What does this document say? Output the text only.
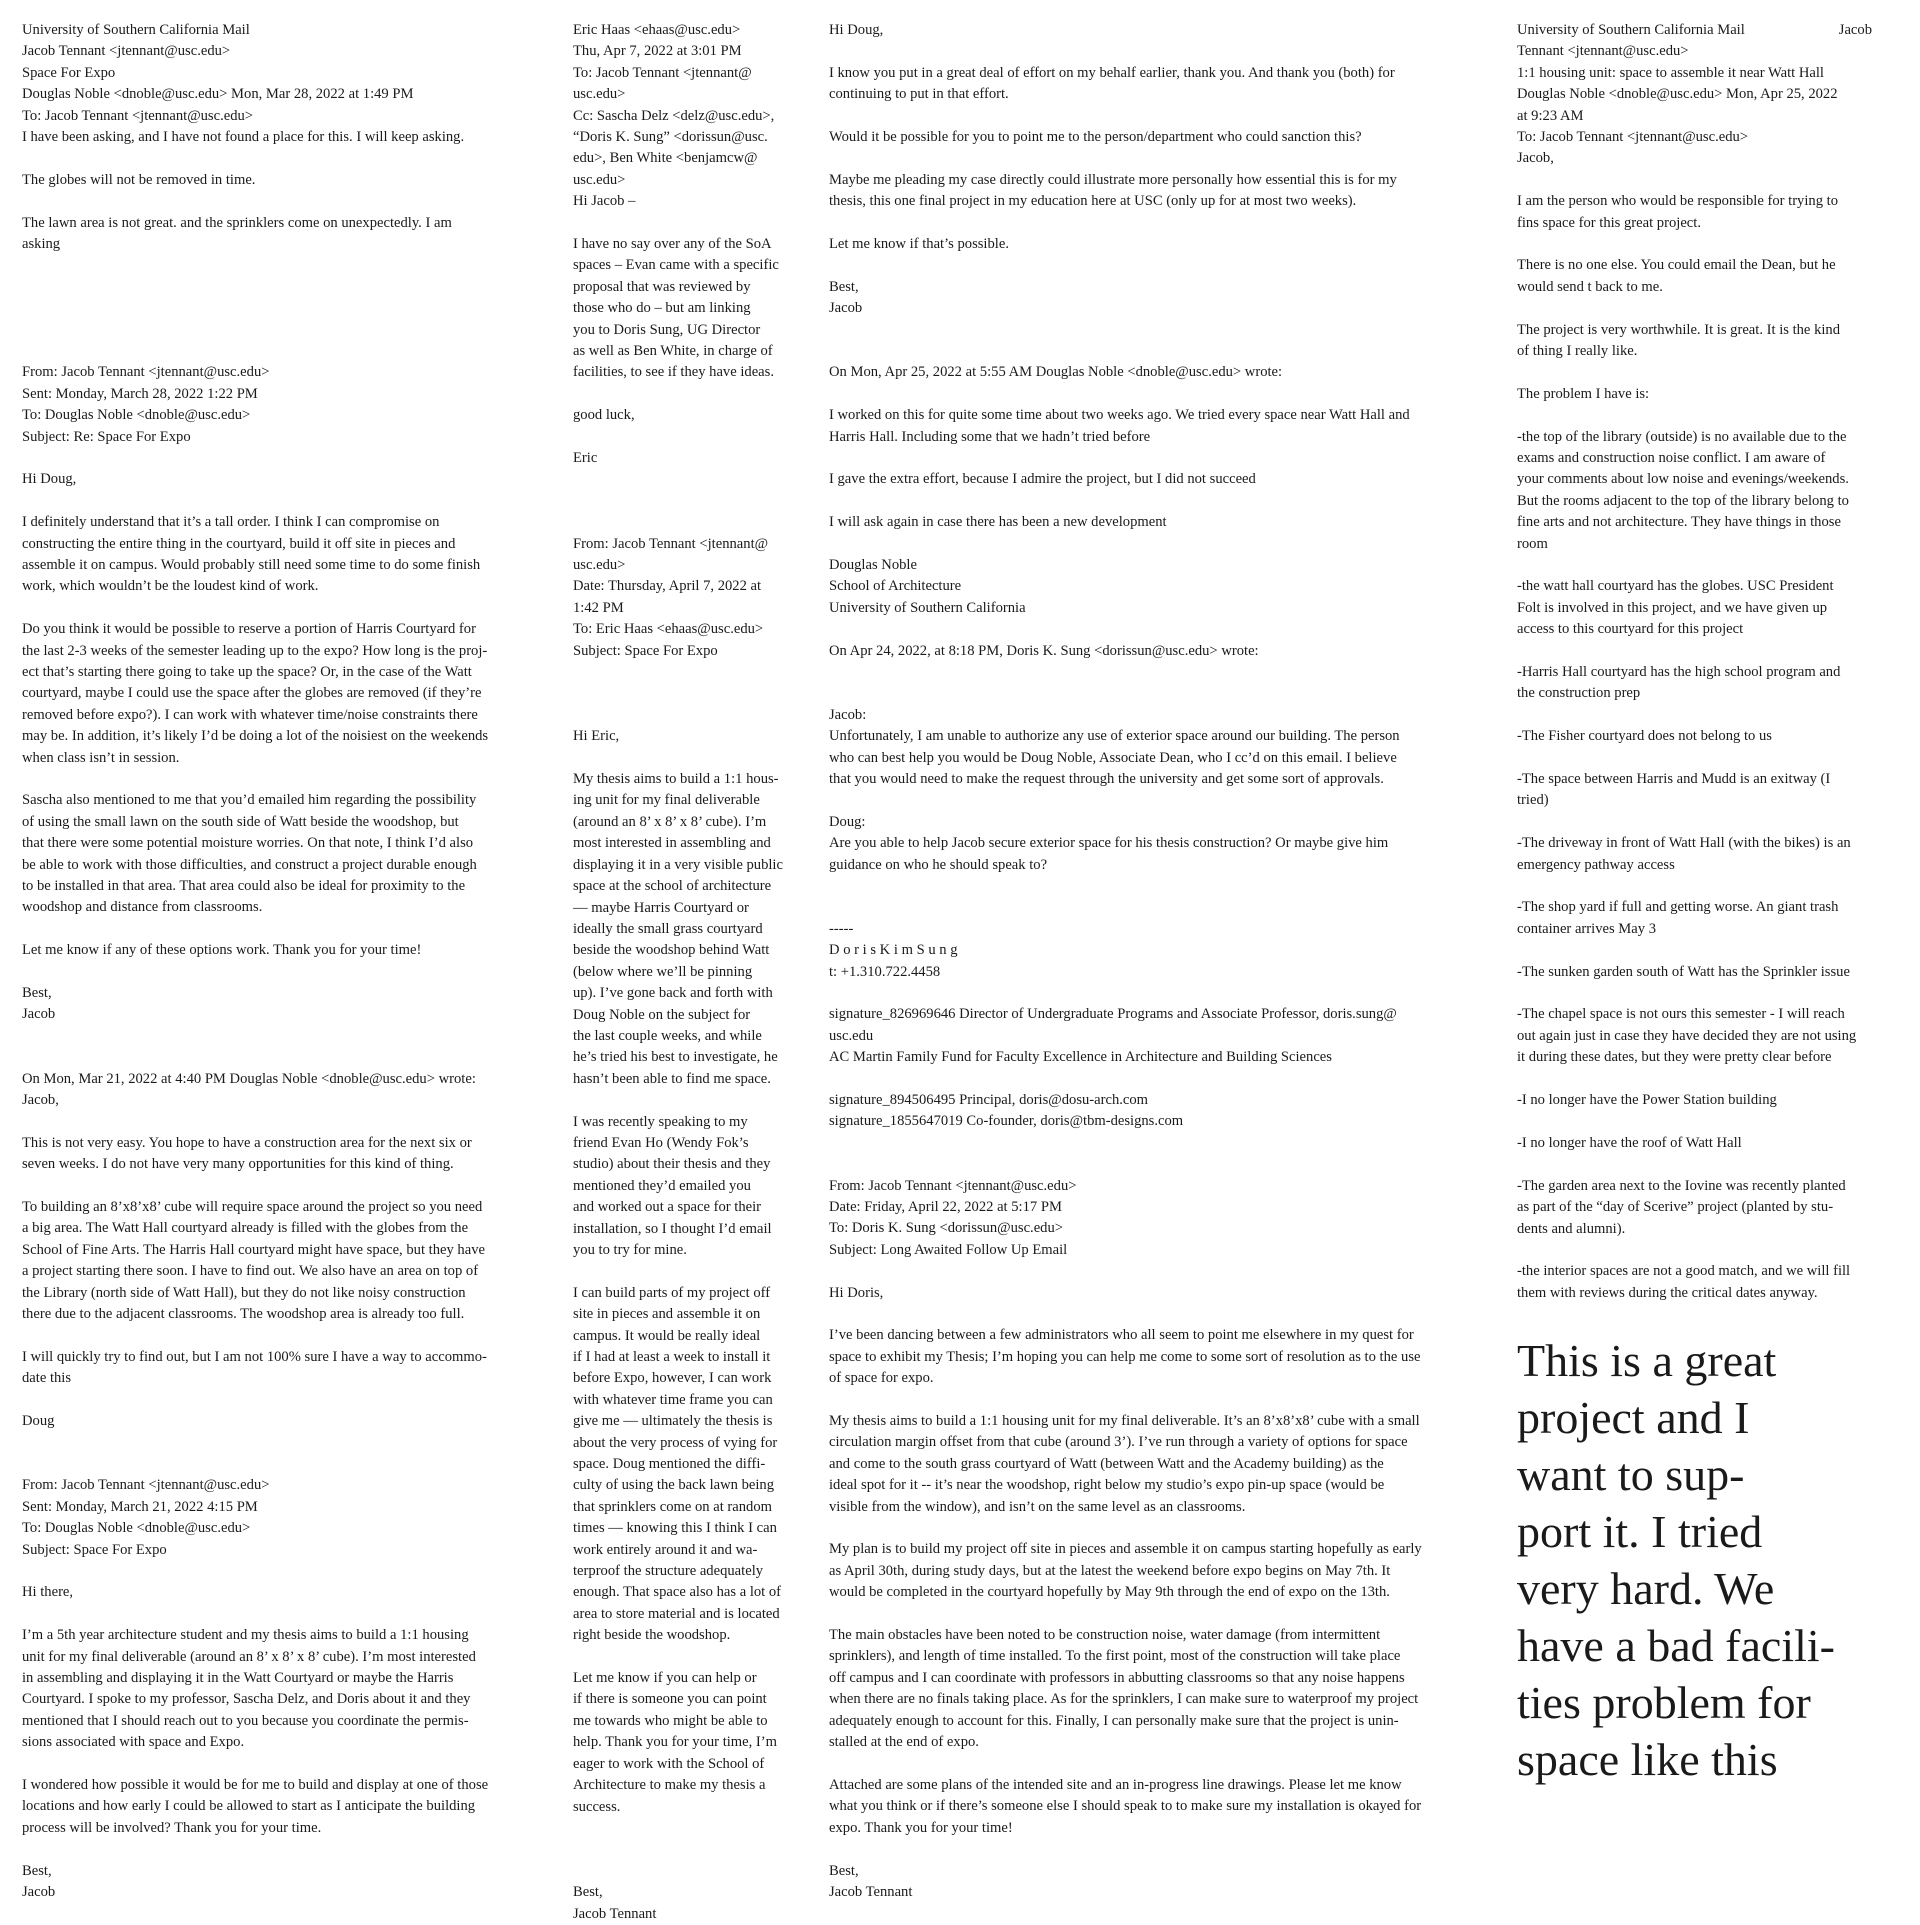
University of Southern California Mail
Jacob Tennant <jtennant@usc.edu>
Space For Expo
Douglas Noble <dnoble@usc.edu> Mon, Mar 28, 2022 at 1:49 PM
To: Jacob Tennant <jtennant@usc.edu>
I have been asking, and I have not found a place for this. I will keep asking.
The globes will not be removed in time.
The lawn area is not great. and the sprinklers come on unexpectedly. I am
asking
From: Jacob Tennant <jtennant@usc.edu>
Sent: Monday, March 28, 2022 1:22 PM
To: Douglas Noble <dnoble@usc.edu>
Subject: Re: Space For Expo
Hi Doug,
I definitely understand that it’s a tall order. I think I can compromise on
constructing the entire thing in the courtyard, build it off site in pieces and
assemble it on campus. Would probably still need some time to do some finish
work, which wouldn’t be the loudest kind of work.
Do you think it would be possible to reserve a portion of Harris Courtyard for
the last 2-3 weeks of the semester leading up to the expo? How long is the proj-
ect that’s starting there going to take up the space? Or, in the case of the Watt
courtyard, maybe I could use the space after the globes are removed (if they’re
removed before expo?). I can work with whatever time/noise constraints there
may be. In addition, it’s likely I’d be doing a lot of the noisiest on the weekends
when class isn’t in session.
Sascha also mentioned to me that you’d emailed him regarding the possibility
of using the small lawn on the south side of Watt beside the woodshop, but
that there were some potential moisture worries. On that note, I think I’d also
be able to work with those difficulties, and construct a project durable enough
to be installed in that area. That area could also be ideal for proximity to the
woodshop and distance from classrooms.
Let me know if any of these options work. Thank you for your time!
Best,
Jacob
On Mon, Mar 21, 2022 at 4:40 PM Douglas Noble <dnoble@usc.edu> wrote:
Jacob,
This is not very easy. You hope to have a construction area for the next six or
seven weeks. I do not have very many opportunities for this kind of thing.
To building an 8’x8’x8’ cube will require space around the project so you need
a big area. The Watt Hall courtyard already is filled with the globes from the
School of Fine Arts. The Harris Hall courtyard might have space, but they have
a project starting there soon. I have to find out. We also have an area on top of
the Library (north side of Watt Hall), but they do not like noisy construction
there due to the adjacent classrooms. The woodshop area is already too full.
I will quickly try to find out, but I am not 100% sure I have a way to accommo-
date this
Doug
From: Jacob Tennant <jtennant@usc.edu>
Sent: Monday, March 21, 2022 4:15 PM
To: Douglas Noble <dnoble@usc.edu>
Subject: Space For Expo
Hi there,
I’m a 5th year architecture student and my thesis aims to build a 1:1 housing
unit for my final deliverable (around an 8’ x 8’ x 8’ cube). I’m most interested
in assembling and displaying it in the Watt Courtyard or maybe the Harris
Courtyard. I spoke to my professor, Sascha Delz, and Doris about it and they
mentioned that I should reach out to you because you coordinate the permis-
sions associated with space and Expo.
I wondered how possible it would be for me to build and display at one of those
locations and how early I could be allowed to start as I anticipate the building
process will be involved? Thank you for your time.
Best,
Jacob
Eric Haas <ehaas@usc.edu>
Thu, Apr 7, 2022 at 3:01 PM
To: Jacob Tennant <jtennant@
usc.edu>
Cc: Sascha Delz <delz@usc.edu>,
“Doris K. Sung” <dorissun@usc.
edu>, Ben White <benjamcw@
usc.edu>
Hi Jacob –
I have no say over any of the SoA
spaces – Evan came with a specific
proposal that was reviewed by
those who do – but am linking
you to Doris Sung, UG Director
as well as Ben White, in charge of
facilities, to see if they have ideas.
good luck,
Eric
From: Jacob Tennant <jtennant@
usc.edu>
Date: Thursday, April 7, 2022 at
1:42 PM
To: Eric Haas <ehaas@usc.edu>
Subject: Space For Expo
Hi Eric,
My thesis aims to build a 1:1 hous-
ing unit for my final deliverable
(around an 8’ x 8’ x 8’ cube). I’m
most interested in assembling and
displaying it in a very visible public
space at the school of architecture
— maybe Harris Courtyard or
ideally the small grass courtyard
beside the woodshop behind Watt
(below where we’ll be pinning
up). I’ve gone back and forth with
Doug Noble on the subject for
the last couple weeks, and while
he’s tried his best to investigate, he
hasn’t been able to find me space.
I was recently speaking to my
friend Evan Ho (Wendy Fok’s
studio) about their thesis and they
mentioned they’d emailed you
and worked out a space for their
installation, so I thought I’d email
you to try for mine.
I can build parts of my project off
site in pieces and assemble it on
campus. It would be really ideal
if I had at least a week to install it
before Expo, however, I can work
with whatever time frame you can
give me — ultimately the thesis is
about the very process of vying for
space. Doug mentioned the diffi-
culty of using the back lawn being
that sprinklers come on at random
times — knowing this I think I can
work entirely around it and wa-
terproof the structure adequately
enough. That space also has a lot of
area to store material and is located
right beside the woodshop.
Let me know if you can help or
if there is someone you can point
me towards who might be able to
help. Thank you for your time, I’m
eager to work with the School of
Architecture to make my thesis a
success.
Best,
Jacob Tennant
Hi Doug,
I know you put in a great deal of effort on my behalf earlier, thank you. And thank you (both) for
continuing to put in that effort.
Would it be possible for you to point me to the person/department who could sanction this?
Maybe me pleading my case directly could illustrate more personally how essential this is for my
thesis, this one final project in my education here at USC (only up for at most two weeks).
Let me know if that’s possible.
Best,
Jacob
On Mon, Apr 25, 2022 at 5:55 AM Douglas Noble <dnoble@usc.edu> wrote:
I worked on this for quite some time about two weeks ago. We tried every space near Watt Hall and
Harris Hall. Including some that we hadn’t tried before
I gave the extra effort, because I admire the project, but I did not succeed
I will ask again in case there has been a new development
Douglas Noble
School of Architecture
University of Southern California
On Apr 24, 2022, at 8:18 PM, Doris K. Sung <dorissun@usc.edu> wrote:
Jacob:
Unfortunately, I am unable to authorize any use of exterior space around our building. The person
who can best help you would be Doug Noble, Associate Dean, who I cc’d on this email. I believe
that you would need to make the request through the university and get some sort of approvals.
Doug:
Are you able to help Jacob secure exterior space for his thesis construction? Or maybe give him
guidance on who he should speak to?
-----
D o r i s K i m S u n g
t: +1.310.722.4458
signature_826969646 Director of Undergraduate Programs and Associate Professor, doris.sung@
usc.edu
AC Martin Family Fund for Faculty Excellence in Architecture and Building Sciences
signature_894506495 Principal, doris@dosu-arch.com
signature_1855647019 Co-founder, doris@tbm-designs.com
From: Jacob Tennant <jtennant@usc.edu>
Date: Friday, April 22, 2022 at 5:17 PM
To: Doris K. Sung <dorissun@usc.edu>
Subject: Long Awaited Follow Up Email
Hi Doris,
I’ve been dancing between a few administrators who all seem to point me elsewhere in my quest for
space to exhibit my Thesis; I’m hoping you can help me come to some sort of resolution as to the use
of space for expo.
My thesis aims to build a 1:1 housing unit for my final deliverable. It’s an 8’x8’x8’ cube with a small
circulation margin offset from that cube (around 3’). I’ve run through a variety of options for space
and come to the south grass courtyard of Watt (between Watt and the Academy building) as the
ideal spot for it -- it’s near the woodshop, right below my studio’s expo pin-up space (would be
visible from the window), and isn’t on the same level as an classrooms.
My plan is to build my project off site in pieces and assemble it on campus starting hopefully as early
as April 30th, during study days, but at the latest the weekend before expo begins on May 7th. It
would be completed in the courtyard hopefully by May 9th through the end of expo on the 13th.
The main obstacles have been noted to be construction noise, water damage (from intermittent
sprinklers), and length of time installed. To the first point, most of the construction will take place
off campus and I can coordinate with professors in abbutting classrooms so that any noise happens
when there are no finals taking place. As for the sprinklers, I can make sure to waterproof my project
adequately enough to account for this. Finally, I can personally make sure that the project is unin-
stalled at the end of expo.
Attached are some plans of the intended site and an in-progress line drawings. Please let me know
what you think or if there’s someone else I should speak to to make sure my installation is okayed for
expo. Thank you for your time!
Best,
Jacob Tennant
University of Southern California Mail	Jacob
Tennant <jtennant@usc.edu>
1:1 housing unit: space to assemble it near Watt Hall
Douglas Noble <dnoble@usc.edu> Mon, Apr 25, 2022
at 9:23 AM
To: Jacob Tennant <jtennant@usc.edu>
Jacob,
I am the person who would be responsible for trying to
fins space for this great project.
There is no one else. You could email the Dean, but he
would send t back to me.
The project is very worthwhile. It is great. It is the kind
of thing I really like.
The problem I have is:
-the top of the library (outside) is no available due to the
exams and construction noise conflict. I am aware of
your comments about low noise and evenings/weekends.
But the rooms adjacent to the top of the library belong to
fine arts and not architecture. They have things in those
room
-the watt hall courtyard has the globes. USC President
Folt is involved in this project, and we have given up
access to this courtyard for this project
-Harris Hall courtyard has the high school program and
the construction prep
-The Fisher courtyard does not belong to us
-The space between Harris and Mudd is an exitway (I
tried)
-The driveway in front of Watt Hall (with the bikes) is an
emergency pathway access
-The shop yard if full and getting worse. An giant trash
container arrives May 3
-The sunken garden south of Watt has the Sprinkler issue
-The chapel space is not ours this semester - I will reach
out again just in case they have decided they are not using
it during these dates, but they were pretty clear before
-I no longer have the Power Station building
-I no longer have the roof of Watt Hall
-The garden area next to the Iovine was recently planted
as part of the “day of Scerive” project (planted by stu-
dents and alumni).
-the interior spaces are not a good match, and we will fill
them with reviews during the critical dates anyway.
This is a great
project and I
want to sup-
port it. I tried
very hard. We
have a bad facili-
ties problem for
space like this
